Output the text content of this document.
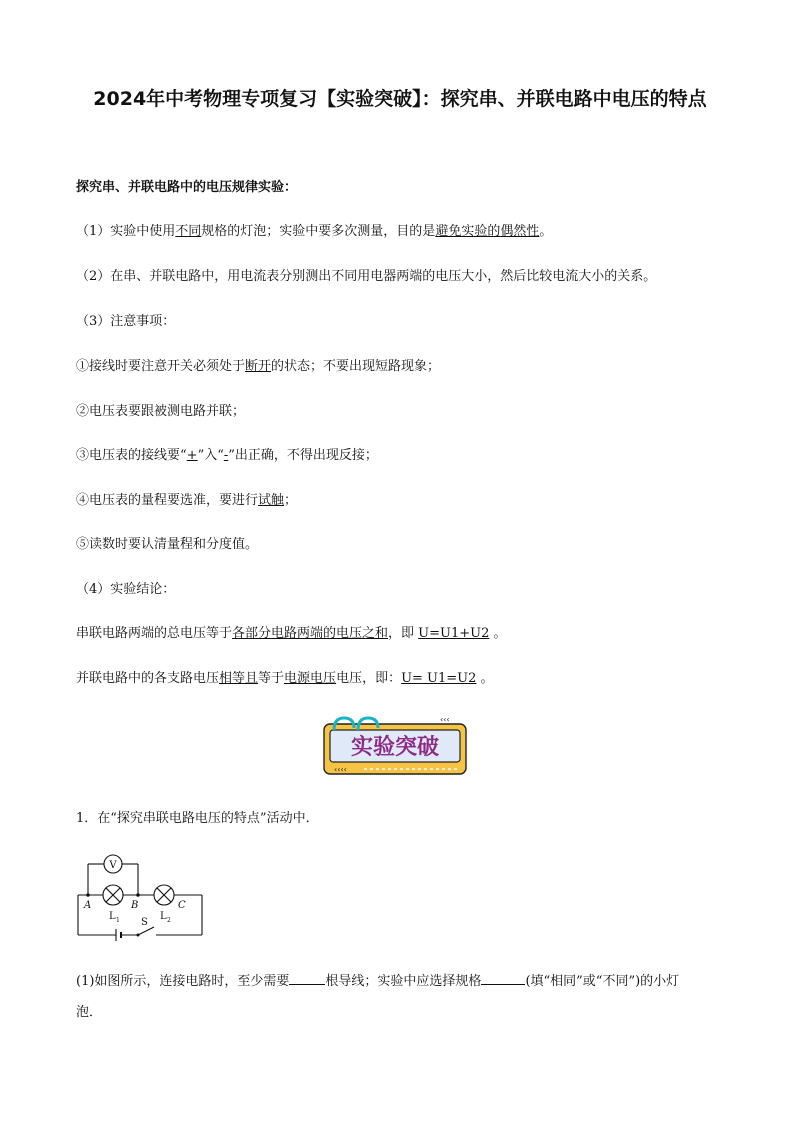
2024年中考物理专项复习【实验突破】：探究串、并联电路中电压的特点
探究串、并联电路中的电压规律实验：
（1）实验中使用不同规格的灯泡；实验中要多次测量，目的是避免实验的偶然性。
（2）在串、并联电路中，用电流表分别测出不同用电器两端的电压大小，然后比较电流大小的关系。
（3）注意事项：
①接线时要注意开关必须处于断开的状态；不要出现短路现象；
②电压表要跟被测电路并联；
③电压表的接线要“+”入“-”出正确，不得出现反接；
④电压表的量程要选准，要进行试触；
⑤读数时要认清量程和分度值。
（4）实验结论：
串联电路两端的总电压等于各部分电路两端的电压之和，即 U=U1+U2 。
并联电路中的各支路电压相等且等于电源电压电压，即：U= U1=U2 。
‹‹‹
‹‹‹‹
实验突破
1．在“探究串联电路电压的特点”活动中．
V
A	B	C
L 1	L 2
S
(1)如图所示，连接电路时，至少需要	根导线；实验中应选择规格	(填“相同”或“不同”)的小灯
泡．
